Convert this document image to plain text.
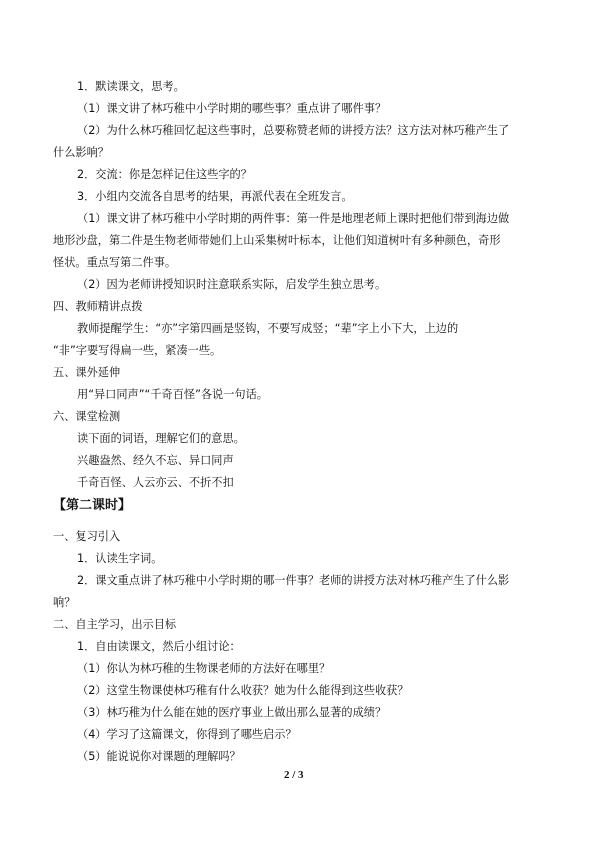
1．默读课文，思考。
（1）课文讲了林巧稚中小学时期的哪些事？重点讲了哪件事？
（2）为什么林巧稚回忆起这些事时，总要称赞老师的讲授方法？这方法对林巧稚产生了
什么影响？
2．交流：你是怎样记住这些字的？
3．小组内交流各自思考的结果，再派代表在全班发言。
（1）课文讲了林巧稚中小学时期的两件事：第一件是地理老师上课时把他们带到海边做
地形沙盘，第二件是生物老师带她们上山采集树叶标本，让他们知道树叶有多种颜色，奇形
怪状。重点写第二件事。
（2）因为老师讲授知识时注意联系实际，启发学生独立思考。
四、教师精讲点拨
教师提醒学生：“亦”字第四画是竖钩，不要写成竖；“辈”字上小下大，上边的
“非”字要写得扁一些，紧凑一些。
五、课外延伸
用“异口同声”“千奇百怪”各说一句话。
六、课堂检测
读下面的词语，理解它们的意思。
兴趣盎然、经久不忘、异口同声
千奇百怪、人云亦云、不折不扣
【第二课时】
一、复习引入
1．认读生字词。
2．课文重点讲了林巧稚中小学时期的哪一件事？老师的讲授方法对林巧稚产生了什么影
响？
二、自主学习，出示目标
1．自由读课文，然后小组讨论：
（1）你认为林巧稚的生物课老师的方法好在哪里？
（2）这堂生物课使林巧稚有什么收获？她为什么能得到这些收获？
（3）林巧稚为什么能在她的医疗事业上做出那么显著的成绩？
（4）学习了这篇课文，你得到了哪些启示？
（5）能说说你对课题的理解吗？
2 / 3
